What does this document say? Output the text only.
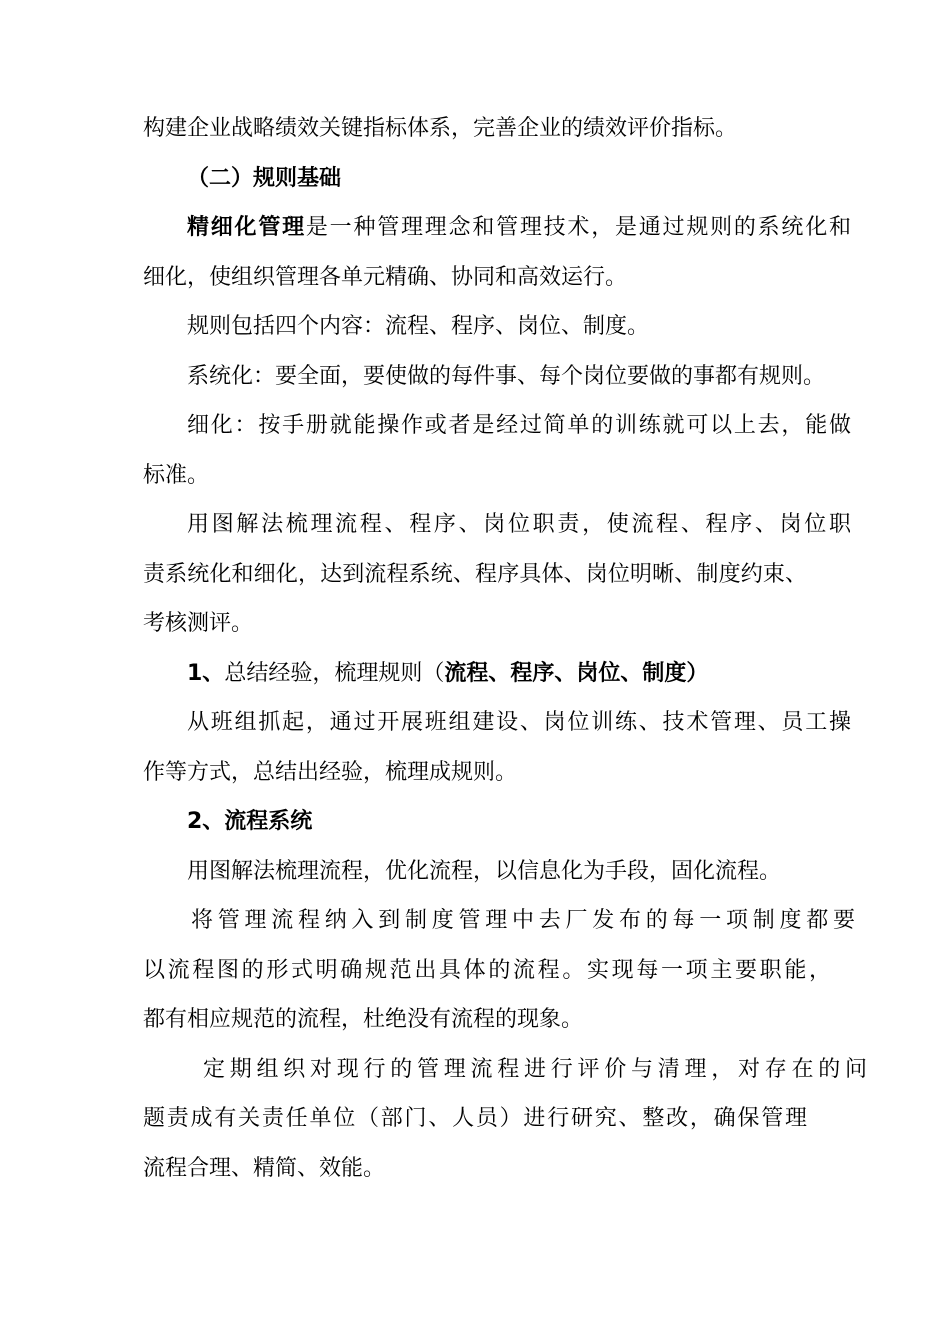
构建企业战略绩效关键指标体系，完善企业的绩效评价指标。
（二）规则基础
精细化管理是一种管理理念和管理技术，是通过规则的系统化和
细化，使组织管理各单元精确、协同和高效运行。
规则包括四个内容：流程、程序、岗位、制度。
系统化：要全面，要使做的每件事、每个岗位要做的事都有规则。
细化：按手册就能操作或者是经过简单的训练就可以上去，能做
标准。
用图解法梳理流程、程序、岗位职责，使流程、程序、岗位职
责系统化和细化，达到流程系统、程序具体、岗位明晰、制度约束、
考核测评。
1、总结经验，梳理规则（流程、程序、岗位、制度）
从班组抓起，通过开展班组建设、岗位训练、技术管理、员工操
作等方式，总结出经验，梳理成规则。
2、流程系统
用图解法梳理流程，优化流程，以信息化为手段，固化流程。
将管理流程纳入到制度管理中去厂发布的每一项制度都要
以流程图的形式明确规范出具体的流程。实现每一项主要职能，
都有相应规范的流程，杜绝没有流程的现象。
定期组织对现行的管理流程进行评价与清理，对存在的问
题责成有关责任单位（部门、人员）进行研究、整改，确保管理
流程合理、精简、效能。
